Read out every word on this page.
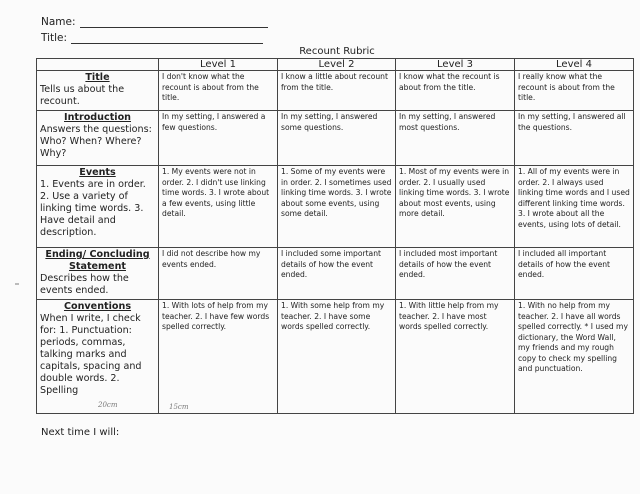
Name:
Title:
Recount Rubric
	Level 1	Level 2	Level 3	Level 4

Title
Tells us about the recount.	I don't know what the recount is about from the title.	I know a little about recount from the title.	I know what the recount is about from the title.	I really know what the recount is about from the title.

Introduction
Answers the questions: Who? When? Where? Why?	In my setting, I answered a few questions.	In my setting, I answered some questions.	In my setting, I answered most questions.	In my setting, I answered all the questions.

Events
1. Events are in order. 2. Use a variety of linking time words. 3. Have detail and description.	1. My events were not in order. 2. I didn't use linking time words. 3. I wrote about a few events, using little detail.	1. Some of my events were in order. 2. I sometimes used linking time words. 3. I wrote about some events, using some detail.	1. Most of my events were in order. 2. I usually used linking time words. 3. I wrote about most events, using more detail.	1. All of my events were in order. 2. I always used linking time words and I used different linking time words. 3. I wrote about all the events, using lots of detail.

Ending/ Concluding Statement
Describes how the events ended.	I did not describe how my events ended.	I included some important details of how the event ended.	I included most important details of how the event ended.	I included all important details of how the event ended.

Conventions
When I write, I check for: 1. Punctuation: periods, commas, talking marks and capitals, spacing and double words. 2. Spelling	1. With lots of help from my teacher. 2. I have few words spelled correctly.	1. With some help from my teacher. 2. I have some words spelled correctly.	1. With little help from my teacher. 2. I have most words spelled correctly.	1. With no help from my teacher. 2. I have all words spelled correctly. * I used my dictionary, the Word Wall, my friends and my rough copy to check my spelling and punctuation.
20cm	15cm
Next time I will:
